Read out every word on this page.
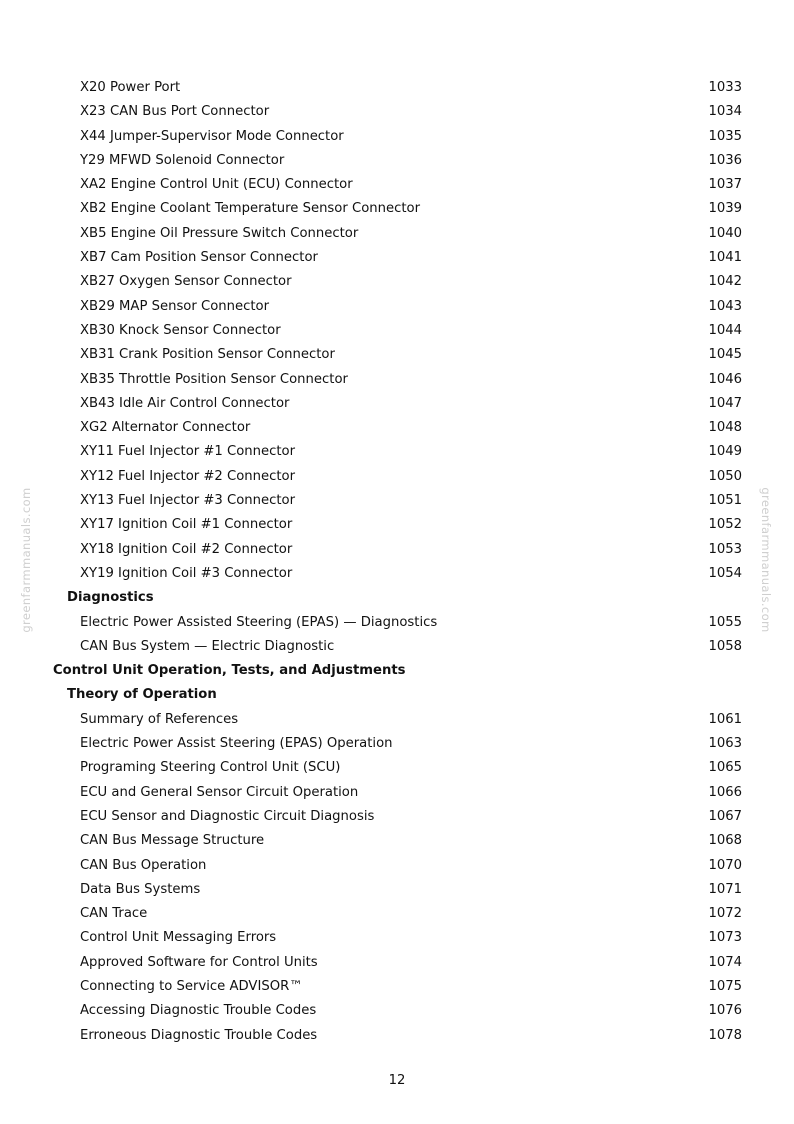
greenfarmmanuals.com	greenfarmmanuals.com
X20 Power Port	1033
X23 CAN Bus Port Connector	1034
X44 Jumper-Supervisor Mode Connector	1035
Y29 MFWD Solenoid Connector	1036
XA2 Engine Control Unit (ECU) Connector	1037
XB2 Engine Coolant Temperature Sensor Connector	1039
XB5 Engine Oil Pressure Switch Connector	1040
XB7 Cam Position Sensor Connector	1041
XB27 Oxygen Sensor Connector	1042
XB29 MAP Sensor Connector	1043
XB30 Knock Sensor Connector	1044
XB31 Crank Position Sensor Connector	1045
XB35 Throttle Position Sensor Connector	1046
XB43 Idle Air Control Connector	1047
XG2 Alternator Connector	1048
XY11 Fuel Injector #1 Connector	1049
XY12 Fuel Injector #2 Connector	1050
XY13 Fuel Injector #3 Connector	1051
XY17 Ignition Coil #1 Connector	1052
XY18 Ignition Coil #2 Connector	1053
XY19 Ignition Coil #3 Connector	1054
Diagnostics
Electric Power Assisted Steering (EPAS) — Diagnostics	1055
CAN Bus System — Electric Diagnostic	1058
Control Unit Operation, Tests, and Adjustments
Theory of Operation
Summary of References	1061
Electric Power Assist Steering (EPAS) Operation	1063
Programing Steering Control Unit (SCU)	1065
ECU and General Sensor Circuit Operation	1066
ECU Sensor and Diagnostic Circuit Diagnosis	1067
CAN Bus Message Structure	1068
CAN Bus Operation	1070
Data Bus Systems	1071
CAN Trace	1072
Control Unit Messaging Errors	1073
Approved Software for Control Units	1074
Connecting to Service ADVISOR™	1075
Accessing Diagnostic Trouble Codes	1076
Erroneous Diagnostic Trouble Codes	1078
12
